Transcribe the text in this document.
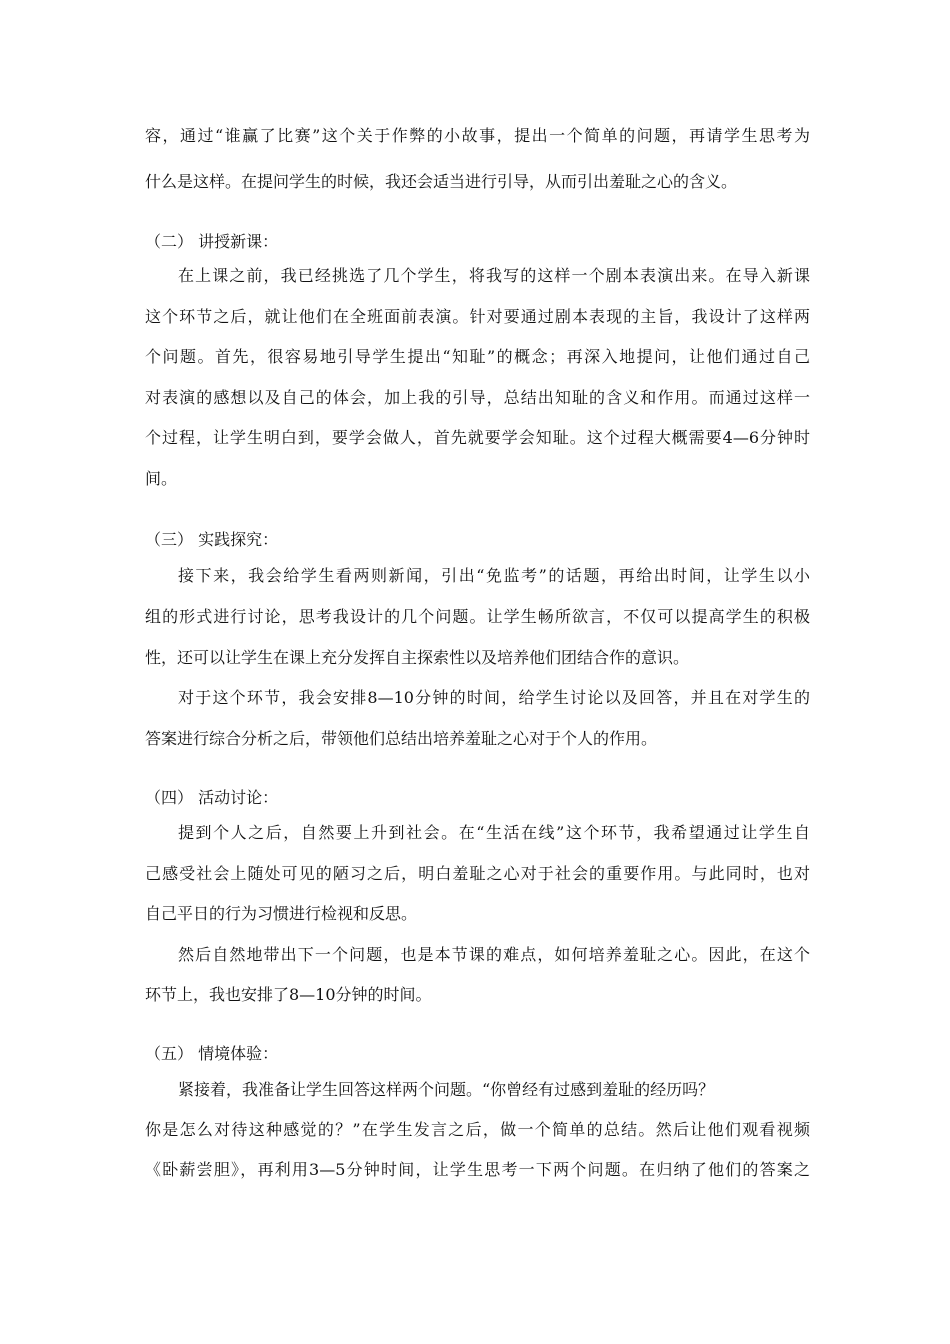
容，通过“谁赢了比赛”这个关于作弊的小故事，提出一个简单的问题，再请学生思考为
什么是这样。在提问学生的时候，我还会适当进行引导，从而引出羞耻之心的含义。
（二） 讲授新课：
在上课之前，我已经挑选了几个学生，将我写的这样一个剧本表演出来。在导入新课
这个环节之后，就让他们在全班面前表演。针对要通过剧本表现的主旨，我设计了这样两
个问题。首先，很容易地引导学生提出“知耻”的概念；再深入地提问，让他们通过自己
对表演的感想以及自己的体会，加上我的引导，总结出知耻的含义和作用。而通过这样一
个过程，让学生明白到，要学会做人，首先就要学会知耻。这个过程大概需要4—6分钟时
间。
（三） 实践探究：
接下来，我会给学生看两则新闻，引出“免监考”的话题，再给出时间，让学生以小
组的形式进行讨论，思考我设计的几个问题。让学生畅所欲言，不仅可以提高学生的积极
性，还可以让学生在课上充分发挥自主探索性以及培养他们团结合作的意识。
对于这个环节，我会安排8—10分钟的时间，给学生讨论以及回答，并且在对学生的
答案进行综合分析之后，带领他们总结出培养羞耻之心对于个人的作用。
（四） 活动讨论：
提到个人之后，自然要上升到社会。在“生活在线”这个环节，我希望通过让学生自
己感受社会上随处可见的陋习之后，明白羞耻之心对于社会的重要作用。与此同时，也对
自己平日的行为习惯进行检视和反思。
然后自然地带出下一个问题，也是本节课的难点，如何培养羞耻之心。因此，在这个
环节上，我也安排了8—10分钟的时间。
（五） 情境体验：
紧接着，我准备让学生回答这样两个问题。“你曾经有过感到羞耻的经历吗？
你是怎么对待这种感觉的？”在学生发言之后，做一个简单的总结。然后让他们观看视频
《卧薪尝胆》，再利用3—5分钟时间，让学生思考一下两个问题。在归纳了他们的答案之
